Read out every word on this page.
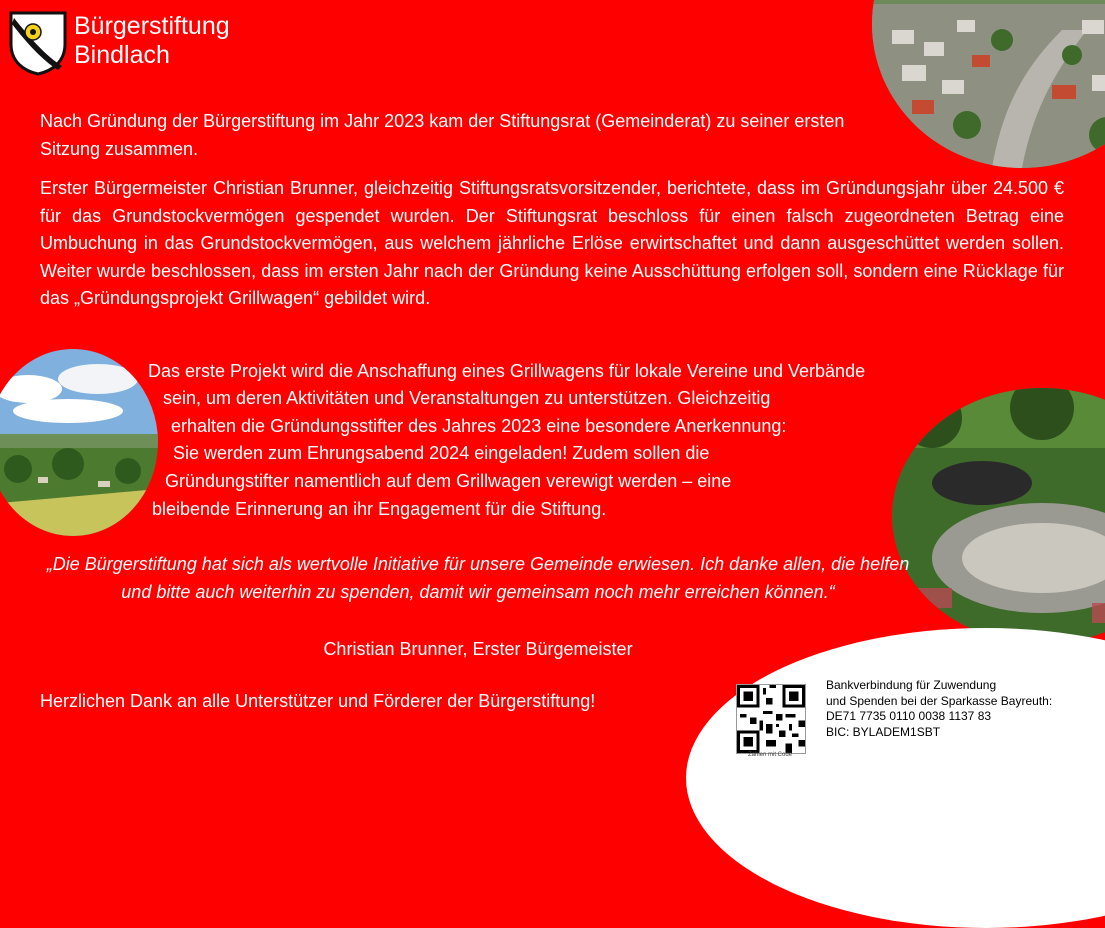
Bürgerstiftung
Bindlach
Nach Gründung der Bürgerstiftung im Jahr 2023 kam der Stiftungsrat (Gemeinderat) zu seiner ersten Sitzung zusammen.
Erster Bürgermeister Christian Brunner, gleichzeitig Stiftungsratsvorsitzender, berichtete, dass im Gründungsjahr über 24.500 € für das Grundstockvermögen gespendet wurden. Der Stiftungsrat beschloss für einen falsch zugeordneten Betrag eine Umbuchung in das Grundstockvermögen, aus welchem jährliche Erlöse erwirtschaftet und dann ausgeschüttet werden sollen. Weiter wurde beschlossen, dass im ersten Jahr nach der Gründung keine Ausschüttung erfolgen soll, sondern eine Rücklage für das „Gründungsprojekt Grillwagen“ gebildet wird.
Das erste Projekt wird die Anschaffung eines Grillwagens für lokale Vereine und Verbände
sein, um deren Aktivitäten und Veranstaltungen zu unterstützen. Gleichzeitig
erhalten die Gründungsstifter des Jahres 2023 eine besondere Anerkennung:
Sie werden zum Ehrungsabend 2024 eingeladen! Zudem sollen die
Gründungstifter namentlich auf dem Grillwagen verewigt werden – eine
bleibende Erinnerung an ihr Engagement für die Stiftung.
„Die Bürgerstiftung hat sich als wertvolle Initiative für unsere Gemeinde erwiesen. Ich danke allen, die helfen und bitte auch weiterhin zu spenden, damit wir gemeinsam noch mehr erreichen können.“
Christian Brunner, Erster Bürgemeister
Herzlichen Dank an alle Unterstützer und Förderer der Bürgerstiftung!
Zahlen mit Code
Bankverbindung für Zuwendung
und Spenden bei der Sparkasse Bayreuth:
DE71 7735 0110 0038 1137 83
BIC: BYLADEM1SBT
